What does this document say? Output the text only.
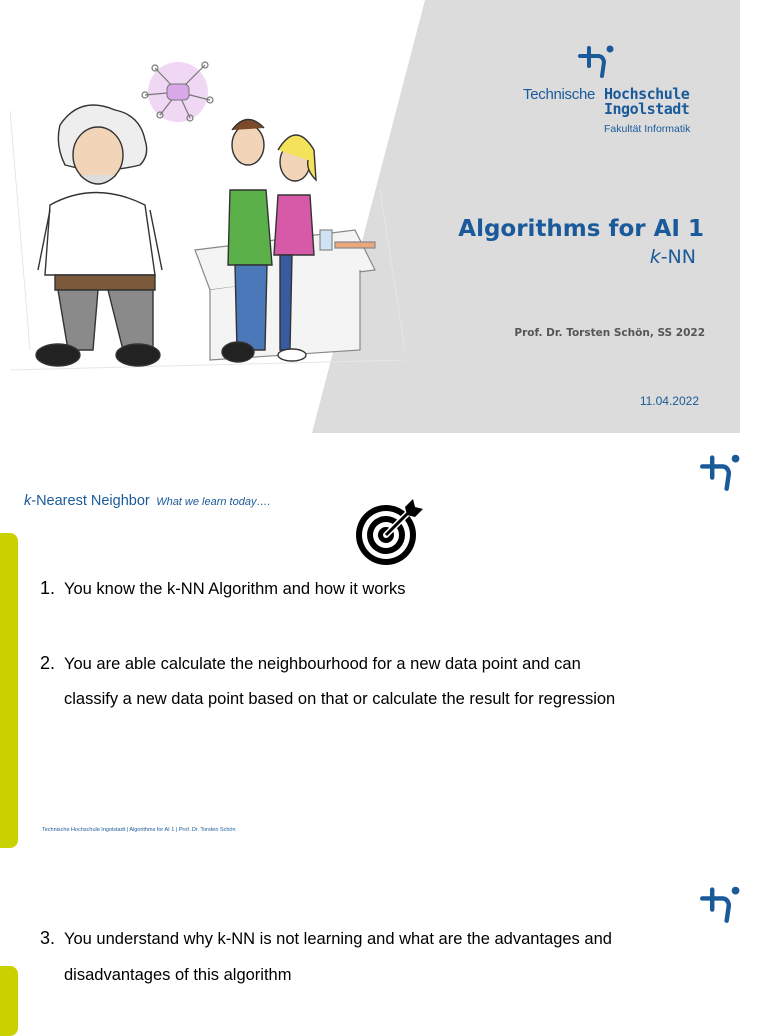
Technische Hochschule
Ingolstadt
Fakultät Informatik
Algorithms for AI 1
k-NN
Prof. Dr. Torsten Schön, SS 2022
11.04.2022
k-Nearest Neighbor What we learn today….
1. You know the k-NN Algorithm and how it works
2. You are able calculate the neighbourhood for a new data point and can
classify a new data point based on that or calculate the result for regression
Technische Hochschule Ingolstadt | Algorithms for AI 1 | Prof. Dr. Torsten Schön
3. You understand why k-NN is not learning and what are the advantages and
disadvantages of this algorithm
